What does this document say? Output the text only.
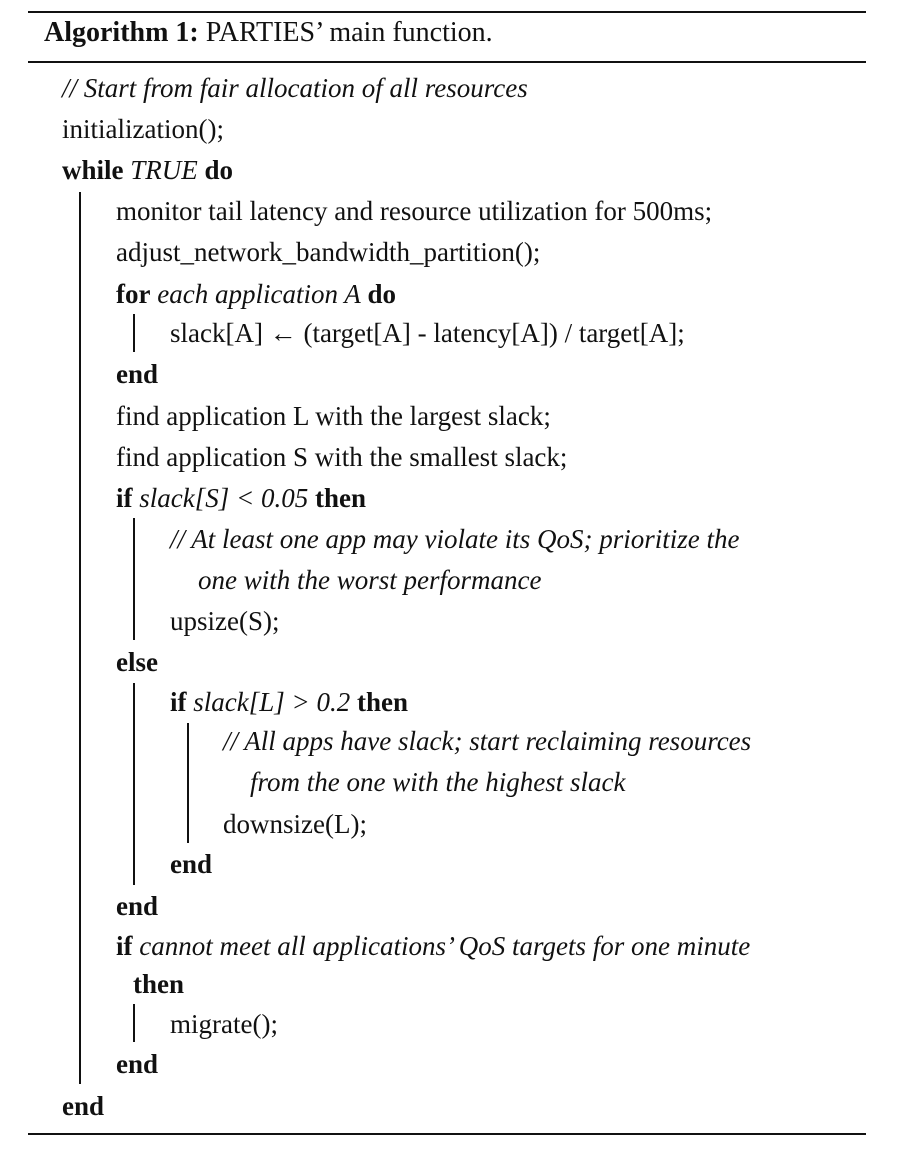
Algorithm 1: PARTIES’ main function.
// Start from fair allocation of all resources
initialization();
while TRUE do
monitor tail latency and resource utilization for 500ms;
adjust_network_bandwidth_partition();
for each application A do
slack[A] ← (target[A] - latency[A]) / target[A];
end
find application L with the largest slack;
find application S with the smallest slack;
if slack[S] < 0.05 then
// At least one app may violate its QoS; prioritize the
one with the worst performance
upsize(S);
else
if slack[L] > 0.2 then
// All apps have slack; start reclaiming resources
from the one with the highest slack
downsize(L);
end
end
if cannot meet all applications’ QoS targets for one minute
then
migrate();
end
end
